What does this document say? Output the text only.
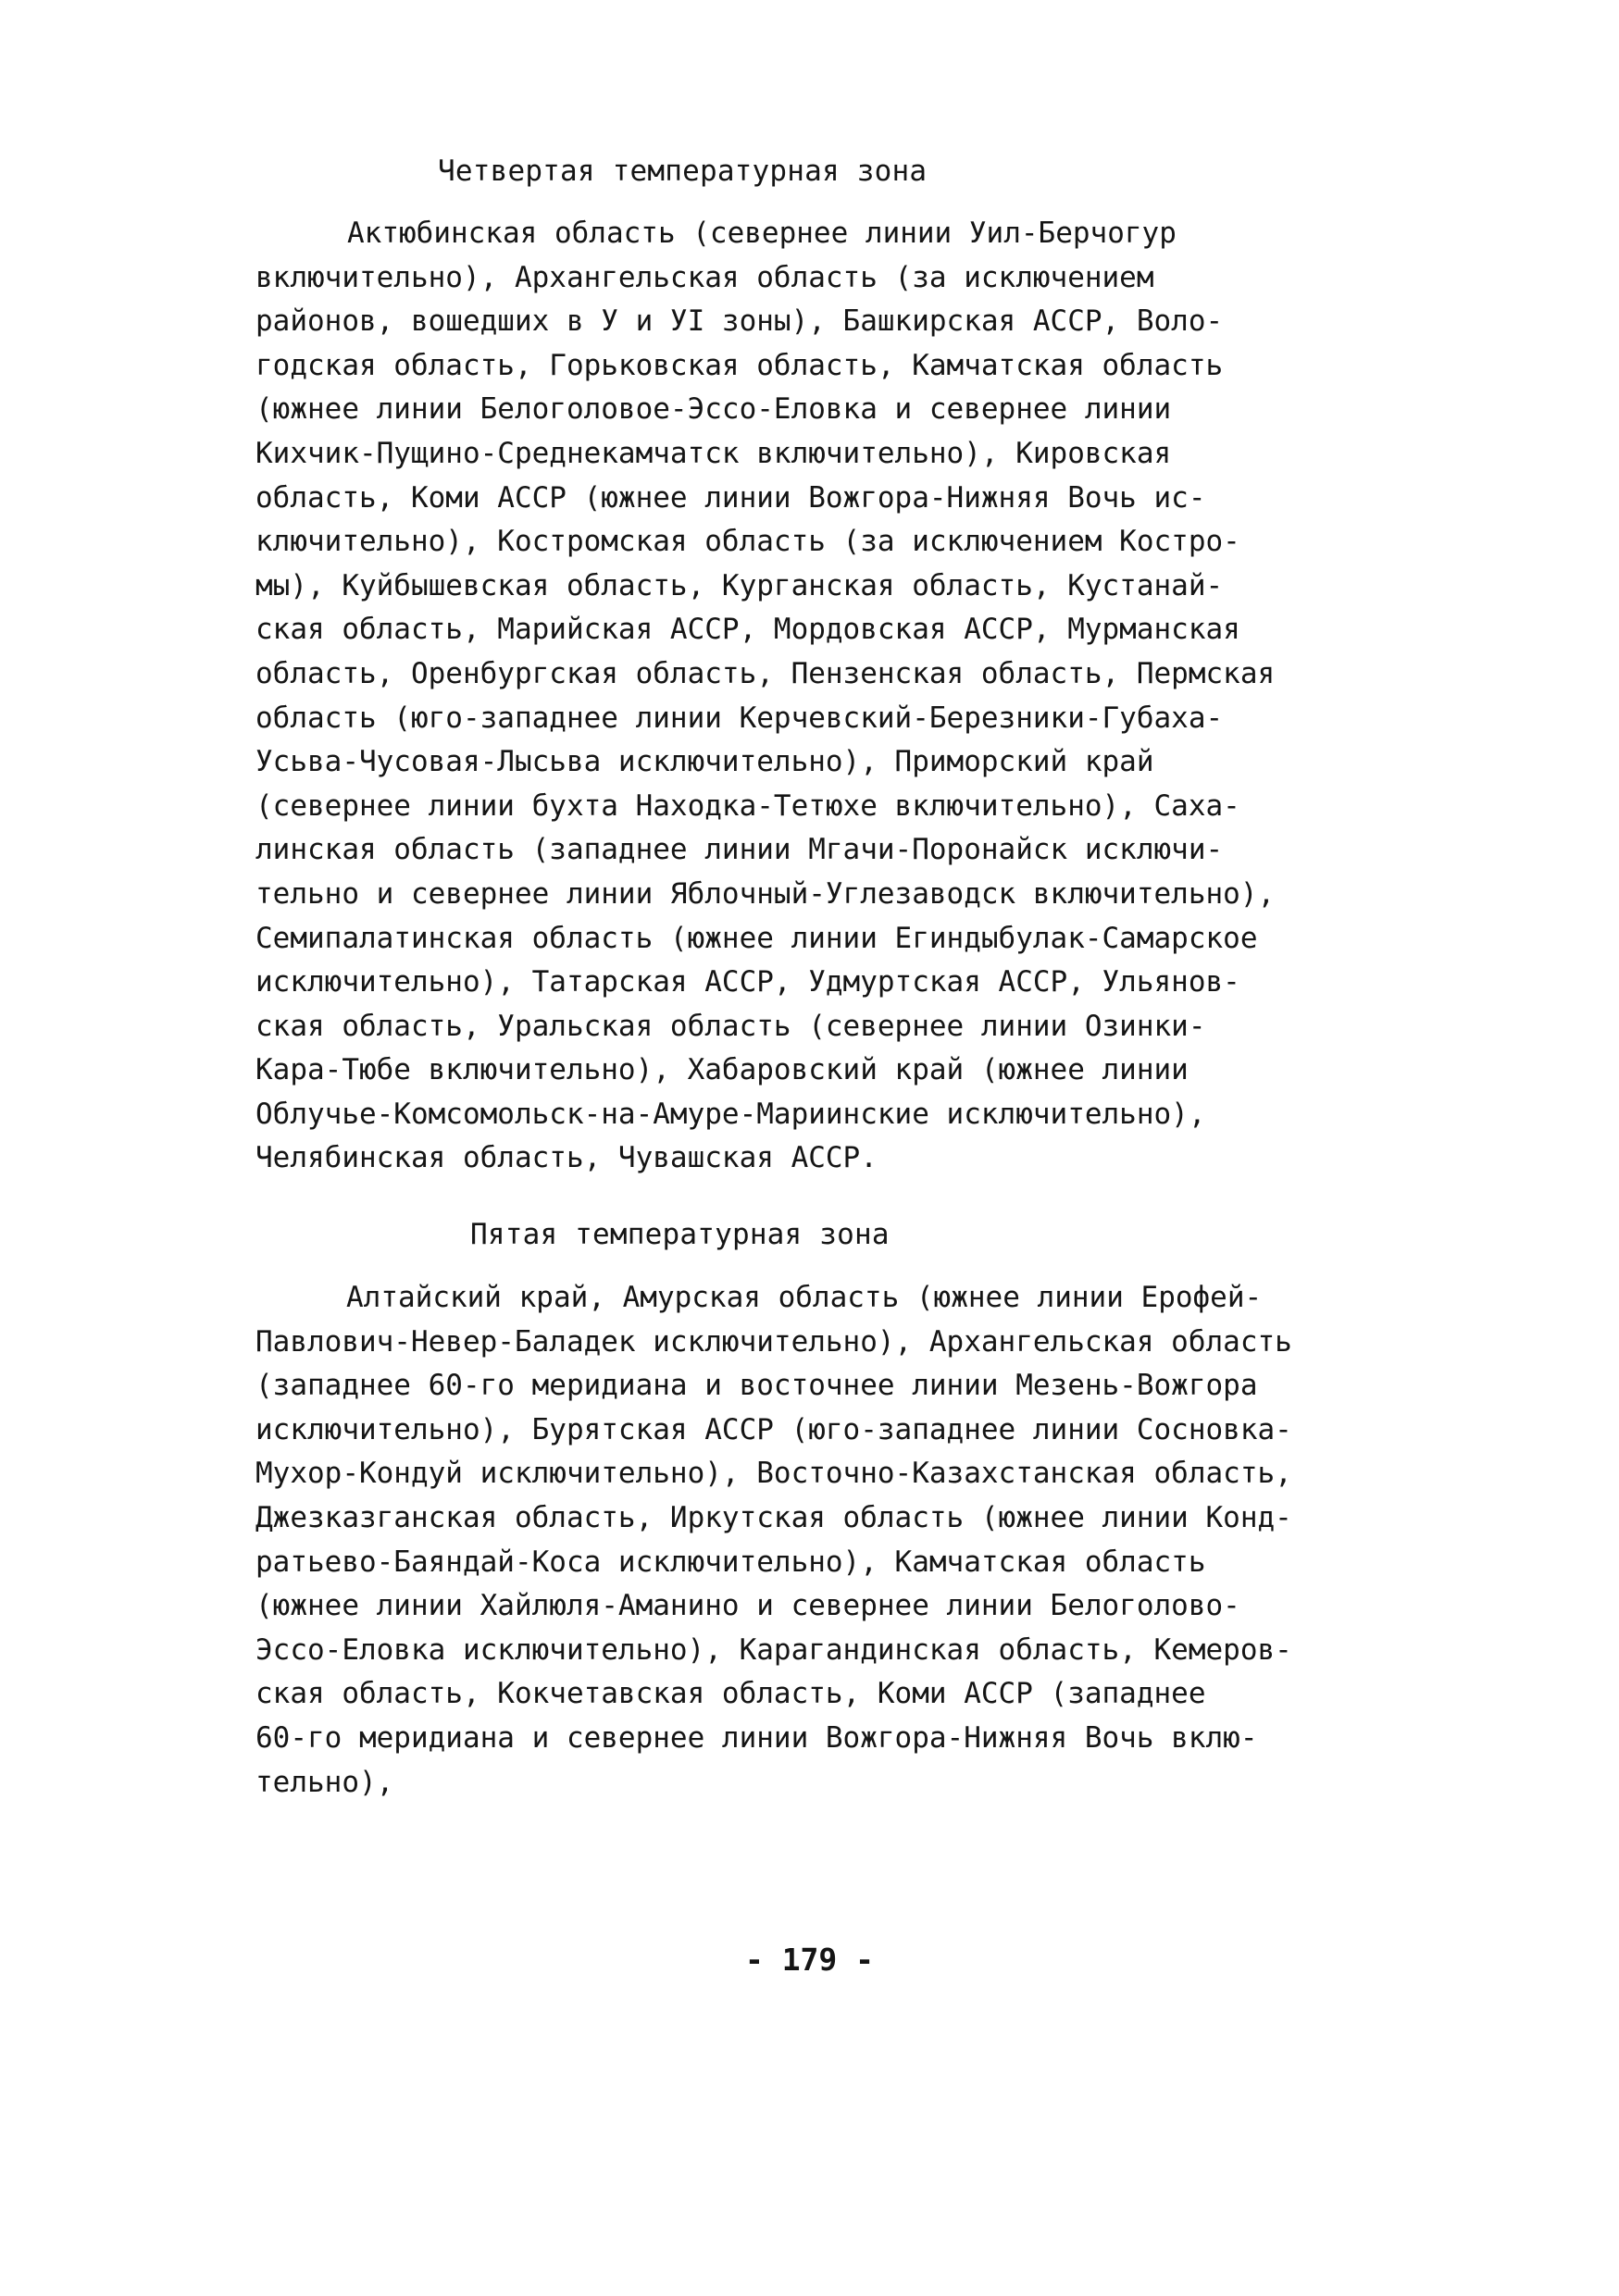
Четвертая температурная зона
Актюбинская область (севернее линии Уил-Берчогур
включительно), Архангельская область (за исключением
районов, вошедших в У и УI зоны), Башкирская АССР, Воло-
годская область, Горьковская область, Камчатская область
(южнее линии Белоголовое-Эссо-Еловка и севернее линии
Кихчик-Пущино-Среднекамчатск включительно), Кировская
область, Коми АССР (южнее линии Вожгора-Нижняя Вочь ис-
ключительно), Костромская область (за исключением Костро-
мы), Куйбышевская область, Курганская область, Кустанай-
ская область, Марийская АССР, Мордовская АССР, Мурманская
область, Оренбургская область, Пензенская область, Пермская
область (юго-западнее линии Керчевский-Березники-Губаха-
Усьва-Чусовая-Лысьва исключительно), Приморский край
(севернее линии бухта Находка-Тетюхе включительно), Саха-
линская область (западнее линии Мгачи-Поронайск исключи-
тельно и севернее линии Яблочный-Углезаводск включительно),
Семипалатинская область (южнее линии Егиндыбулак-Самарское
исключительно), Татарская АССР, Удмуртская АССР, Ульянов-
ская область, Уральская область (севернее линии Озинки-
Кара-Тюбе включительно), Хабаровский край (южнее линии
Облучье-Комсомольск-на-Амуре-Мариинские исключительно),
Челябинская область, Чувашская АССР.
Пятая температурная зона
Алтайский край, Амурская область (южнее линии Ерофей-
Павлович-Невер-Баладек исключительно), Архангельская область
(западнее 60-го меридиана и восточнее линии Мезень-Вожгора
исключительно), Бурятская АССР (юго-западнее линии Сосновка-
Мухор-Кондуй исключительно), Восточно-Казахстанская область,
Джезказганская область, Иркутская область (южнее линии Конд-
ратьево-Баяндай-Коса исключительно), Камчатская область
(южнее линии Хайлюля-Аманино и севернее линии Белоголово-
Эссо-Еловка исключительно), Карагандинская область, Кемеров-
ская область, Кокчетавская область, Коми АССР (западнее
60-го меридиана и севернее линии Вожгора-Нижняя Вочь вклю-
тельно),
- 179 -
